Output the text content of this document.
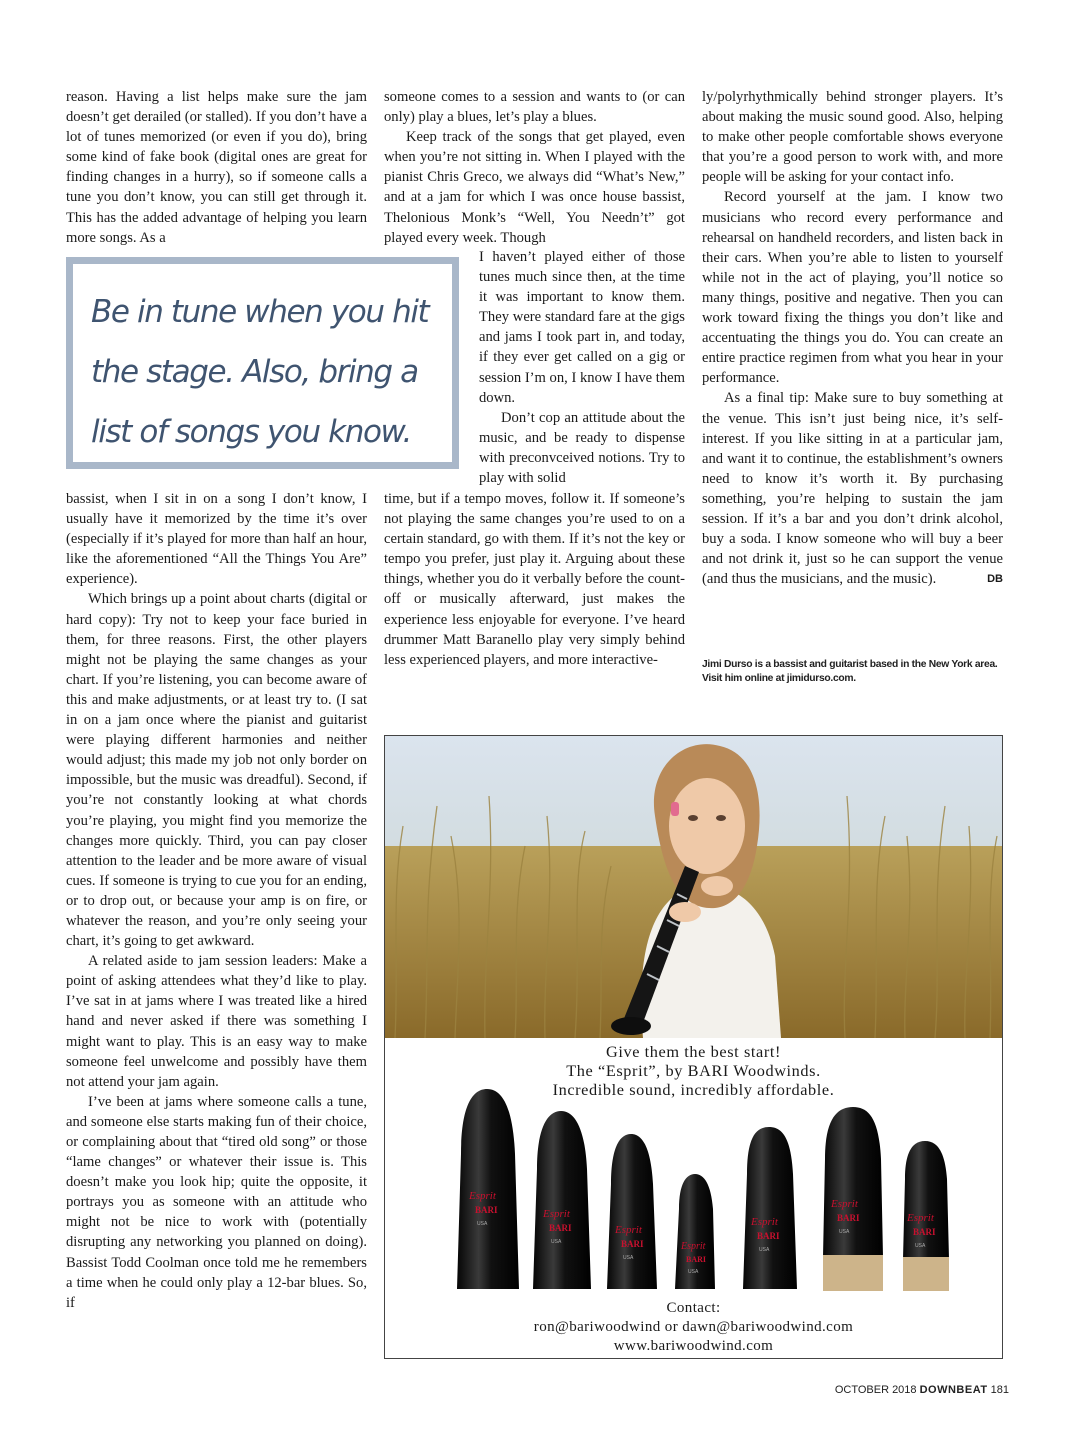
reason. Having a list helps make sure the jam doesn’t get derailed (or stalled). If you don’t have a lot of tunes memorized (or even if you do), bring some kind of fake book (digital ones are great for finding changes in a hurry), so if someone calls a tune you don’t know, you can still get through it. This has the added advantage of helping you learn more songs. As a

Be in tune when you hit the stage. Also, bring a list of songs you know.

bassist, when I sit in on a song I don’t know, I usually have it memorized by the time it’s over (especially if it’s played for more than half an hour, like the aforementioned “All the Things You Are” experience).

Which brings up a point about charts (digital or hard copy): Try not to keep your face buried in them, for three reasons. First, the other players might not be playing the same changes as your chart. If you’re listening, you can become aware of this and make adjustments, or at least try to. (I sat in on a jam once where the pianist and guitarist were playing different harmonies and neither would adjust; this made my job not only border on impossible, but the music was dreadful). Second, if you’re not constantly looking at what chords you’re playing, you might find you memorize the changes more quickly. Third, you can pay closer attention to the leader and be more aware of visual cues. If someone is trying to cue you for an ending, or to drop out, or because your amp is on fire, or whatever the reason, and you’re only seeing your chart, it’s going to get awkward.

A related aside to jam session leaders: Make a point of asking attendees what they’d like to play. I’ve sat in at jams where I was treated like a hired hand and never asked if there was something I might want to play. This is an easy way to make someone feel unwelcome and possibly have them not attend your jam again.

I’ve been at jams where someone calls a tune, and someone else starts making fun of their choice, or complaining about that “tired old song” or those “lame changes” or whatever their issue is. This doesn’t make you look hip; quite the opposite, it portrays you as someone with an attitude who might not be nice to work with (potentially disrupting any networking you planned on doing). Bassist Todd Coolman once told me he remembers a time when he could only play a 12-bar blues. So, if

someone comes to a session and wants to (or can only) play a blues, let’s play a blues.

Keep track of the songs that get played, even when you’re not sitting in. When I played with the pianist Chris Greco, we always did “What’s New,” and at a jam for which I was once house bassist, Thelonious Monk’s “Well, You Needn’t” got played every week. Though

I haven’t played either of those tunes much since then, at the time it was important to know them. They were standard fare at the gigs and jams I took part in, and today, if they ever get called on a gig or session I’m on, I know I have them down.

Don’t cop an attitude about the music, and be ready to dispense with preconvceived notions. Try to play with solid

time, but if a tempo moves, follow it. If someone’s not playing the same changes you’re used to on a certain standard, go with them. If it’s not the key or tempo you prefer, just play it. Arguing about these things, whether you do it verbally before the count-off or musically afterward, just makes the experience less enjoyable for everyone. I’ve heard drummer Matt Baranello play very simply behind less experienced players, and more interactive-

ly/polyrhythmically behind stronger players. It’s about making the music sound good. Also, helping to make other people comfortable shows everyone that you’re a good person to work with, and more people will be asking for your contact info.

Record yourself at the jam. I know two musicians who record every performance and rehearsal on handheld recorders, and listen back in their cars. When you’re able to listen to yourself while not in the act of playing, you’ll notice so many things, positive and negative. Then you can work toward fixing the things you don’t like and accentuating the things you do. You can create an entire practice regimen from what you hear in your performance.

As a final tip: Make sure to buy something at the venue. This isn’t just being nice, it’s self-interest. If you like sitting in at a particular jam, and want it to continue, the establishment’s owners need to know it’s worth it. By purchasing something, you’re helping to sustain the jam session. If it’s a bar and you don’t drink alcohol, buy a soda. I know someone who will buy a beer and not drink it, just so he can support the venue (and thus the musicians, and the music).	DB

Jimi Durso is a bassist and guitarist based in the New York area. Visit him online at jimidurso.com.
Give them the best start!
The “Esprit”, by BARI Woodwinds.
Incredible sound, incredibly affordable.
Esprit
BARI
USA
Esprit
BARI
USA
Esprit
BARI
USA
Esprit
BARI
USA
Esprit
BARI
USA
Esprit
BARI
USA
Esprit
BARI
USA
Contact:
ron@bariwoodwind or dawn@bariwoodwind.com
www.bariwoodwind.com
OCTOBER 2018 DOWNBEAT 181
